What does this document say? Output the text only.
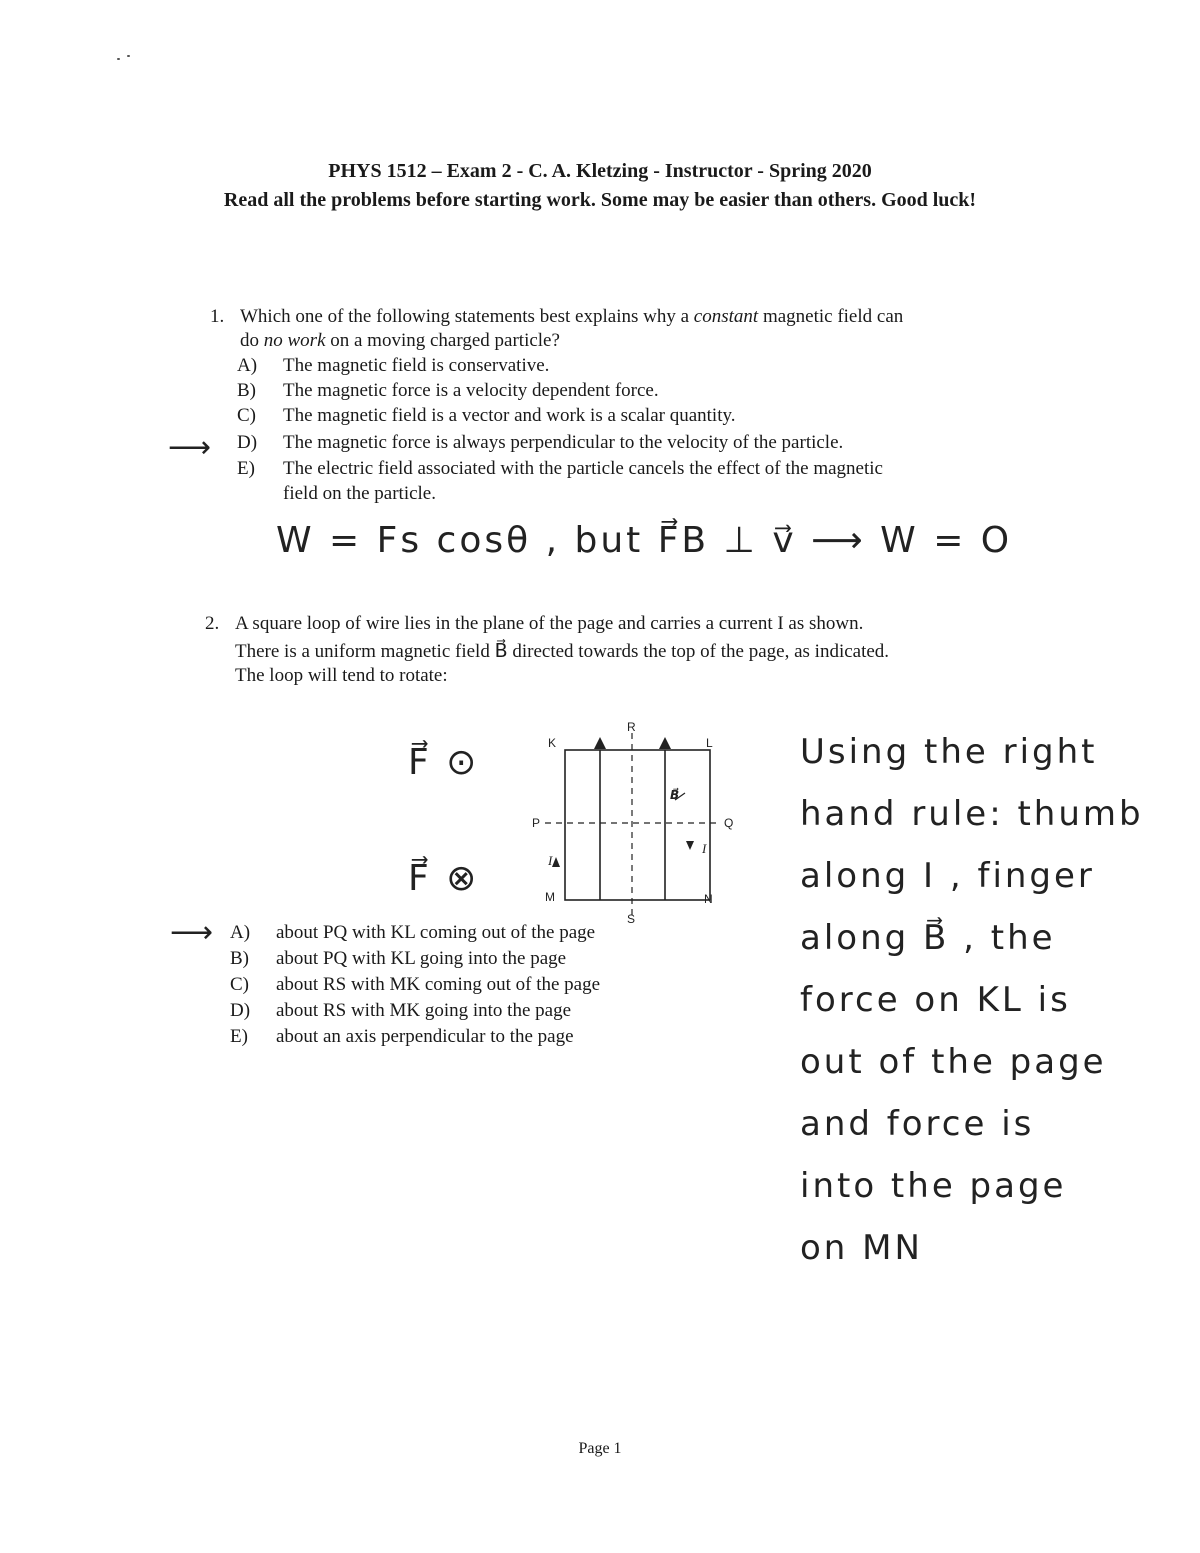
PHYS 1512 – Exam 2 - C. A. Kletzing - Instructor - Spring 2020
Read all the problems before starting work. Some may be easier than others. Good luck!
1. Which one of the following statements best explains why a constant magnetic field can
do no work on a moving charged particle?
A) The magnetic field is conservative.
B) The magnetic force is a velocity dependent force.
C) The magnetic field is a vector and work is a scalar quantity.
D) The magnetic force is always perpendicular to the velocity of the particle.
E) The electric field associated with the particle cancels the effect of the magnetic
field on the particle.
⟶
W = Fs cosθ , but F⃗B ⊥ v⃗ ⟶ W = O
2. A square loop of wire lies in the plane of the page and carries a current I as shown.
There is a uniform magnetic field B⃗ directed towards the top of the page, as indicated.
The loop will tend to rotate:
K	L
M	N
P	Q
R
S
B⃗
I
I
F⃗ ⊙
F⃗ ⊗
⟶ A) about PQ with KL coming out of the page
B) about PQ with KL going into the page
C) about RS with MK coming out of the page
D) about RS with MK going into the page
E) about an axis perpendicular to the page
Using the right
hand rule: thumb
along I , finger
along B⃗ , the
force on KL is
out of the page
and force is
into the page
on MN
Page 1
